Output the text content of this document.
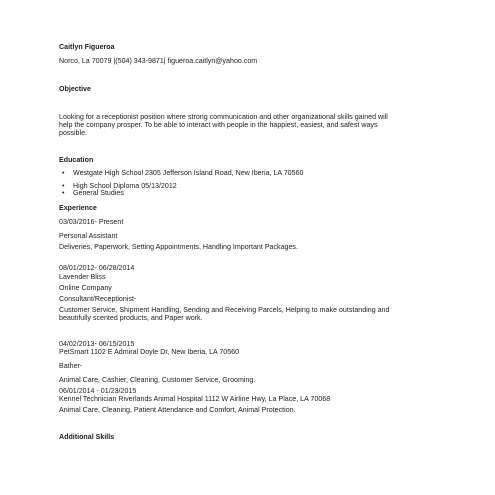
Caitlyn Figueroa
Norco, La 70079 |(504) 343-9871| figueroa.caitlyn@yahoo.com
Objective
Looking for a receptionist position where strong communication and other organizational skills gained will
help the company prosper. To be able to interact with people in the happiest, easiest, and safest ways
possible.
Education
• Westgate High School 2305 Jefferson Island Road, New Iberia, LA 70560
• High School Diploma 05/13/2012
• General Studies
Experience
03/03/2016- Present
Personal Assistant
Deliveries, Paperwork, Setting Appointments, Handling Important Packages.
08/01/2012- 06/28/2014
Lavender Bliss
Online Company
Consultant/Receptionist-
Customer Service, Shipment Handling, Sending and Receiving Parcels, Helping to make outstanding and
beautifully scented products, and Paper work.
04/02/2013- 06/15/2015
PetSmart 1102 E Admiral Doyle Dr, New Iberia, LA 70560
Bather-
Animal Care, Cashier, Cleaning, Customer Service, Grooming.
06/01/2014 - 01/23/2015
Kennel Technician Riverlands Animal Hospital 1112 W Airline Hwy, La Place, LA 70068
Animal Care, Cleaning, Patient Attendance and Comfort, Animal Protection.
Additional Skills
